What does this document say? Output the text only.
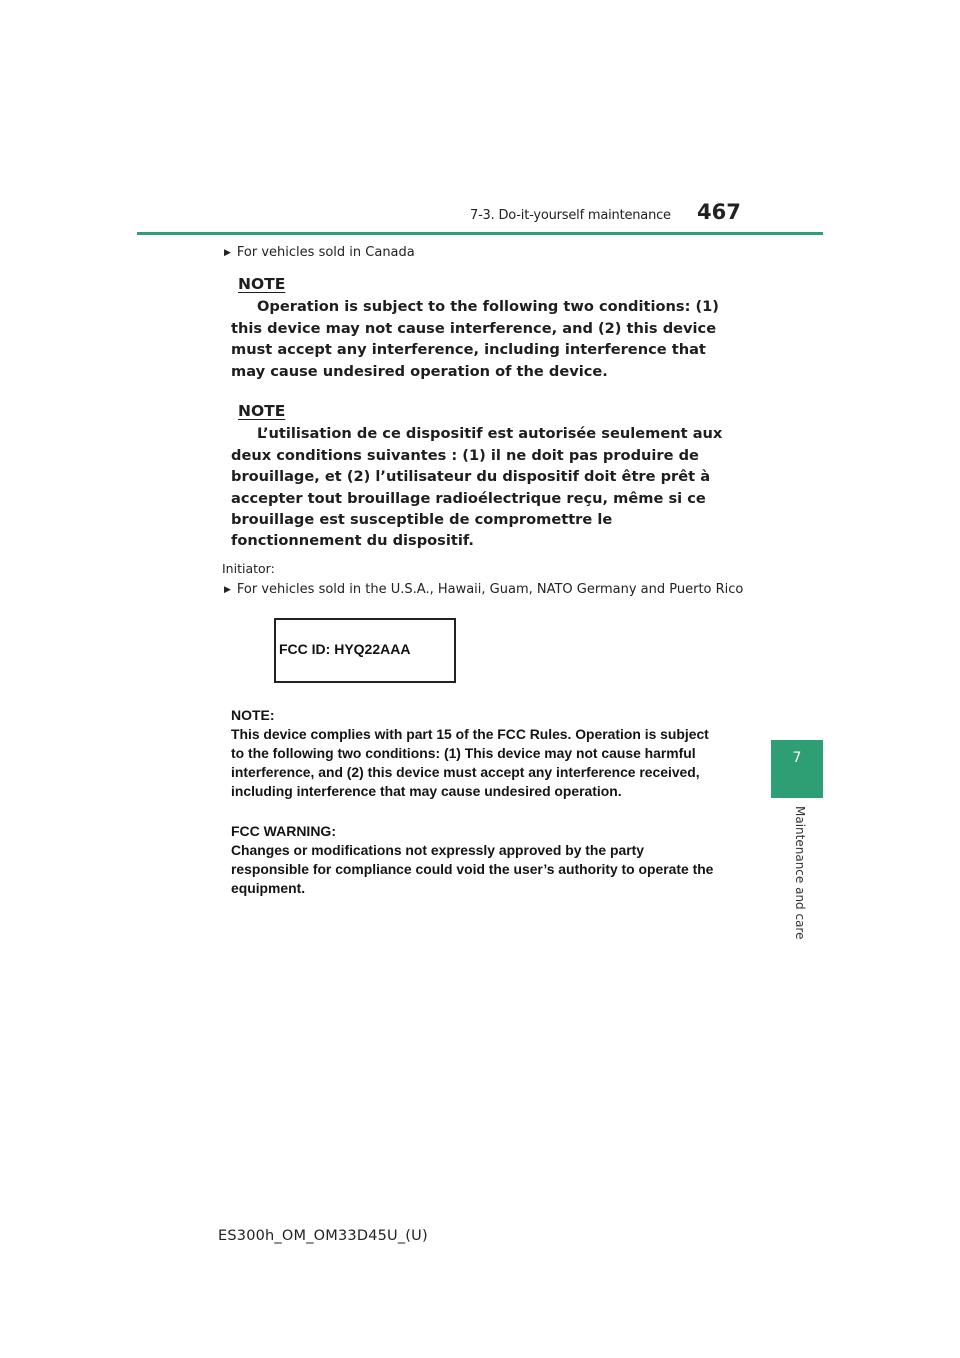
7-3. Do-it-yourself maintenance 467
7
Maintenance and care
▶ For vehicles sold in Canada
NOTE
Operation is subject to the following two conditions: (1)
this device may not cause interference, and (2) this device
must accept any interference, including interference that
may cause undesired operation of the device.
NOTE
L’utilisation de ce dispositif est autorisée seulement aux
deux conditions suivantes : (1) il ne doit pas produire de
brouillage, et (2) l’utilisateur du dispositif doit être prêt à
accepter tout brouillage radioélectrique reçu, même si ce
brouillage est susceptible de compromettre le
fonctionnement du dispositif.
Initiator:
▶ For vehicles sold in the U.S.A., Hawaii, Guam, NATO Germany and Puerto Rico
FCC ID: HYQ22AAA
NOTE:
This device complies with part 15 of the FCC Rules. Operation is subject
to the following two conditions: (1) This device may not cause harmful
interference, and (2) this device must accept any interference received,
including interference that may cause undesired operation.
FCC WARNING:
Changes or modifications not expressly approved by the party
responsible for compliance could void the user’s authority to operate the
equipment.
ES300h_OM_OM33D45U_(U)
